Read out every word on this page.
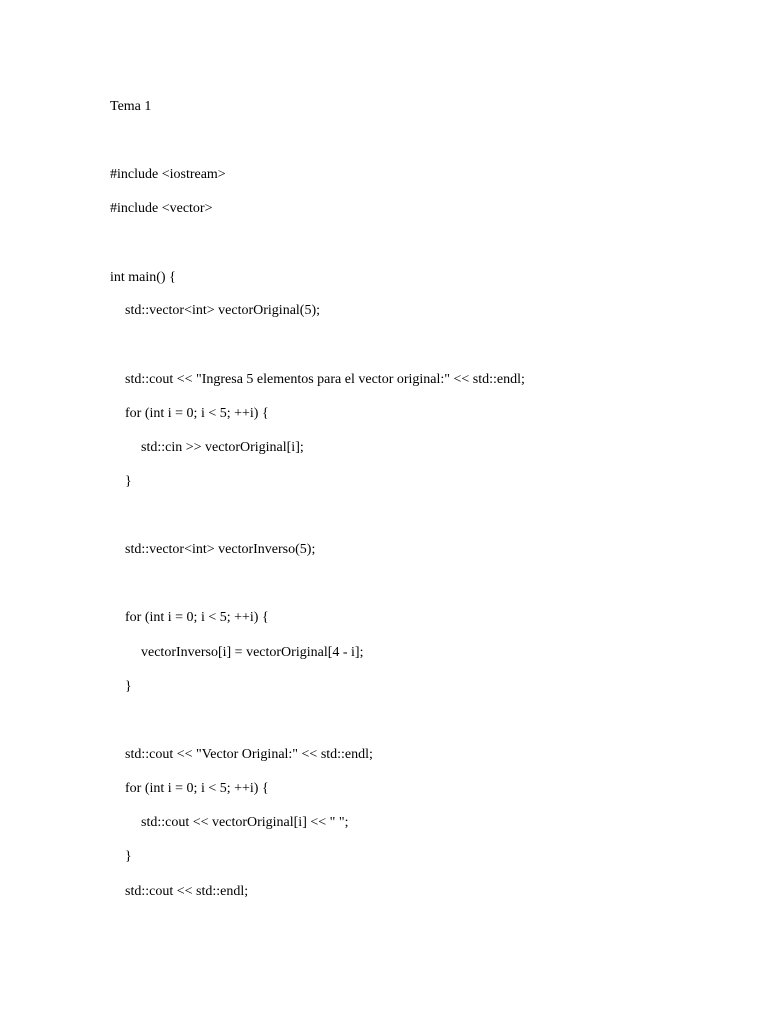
Tema 1

#include <iostream>

#include <vector>

int main() {

std::vector<int> vectorOriginal(5);

std::cout << "Ingresa 5 elementos para el vector original:" << std::endl;

for (int i = 0; i < 5; ++i) {

std::cin >> vectorOriginal[i];

}

std::vector<int> vectorInverso(5);

for (int i = 0; i < 5; ++i) {

vectorInverso[i] = vectorOriginal[4 - i];

}

std::cout << "Vector Original:" << std::endl;

for (int i = 0; i < 5; ++i) {

std::cout << vectorOriginal[i] << " ";

}

std::cout << std::endl;
